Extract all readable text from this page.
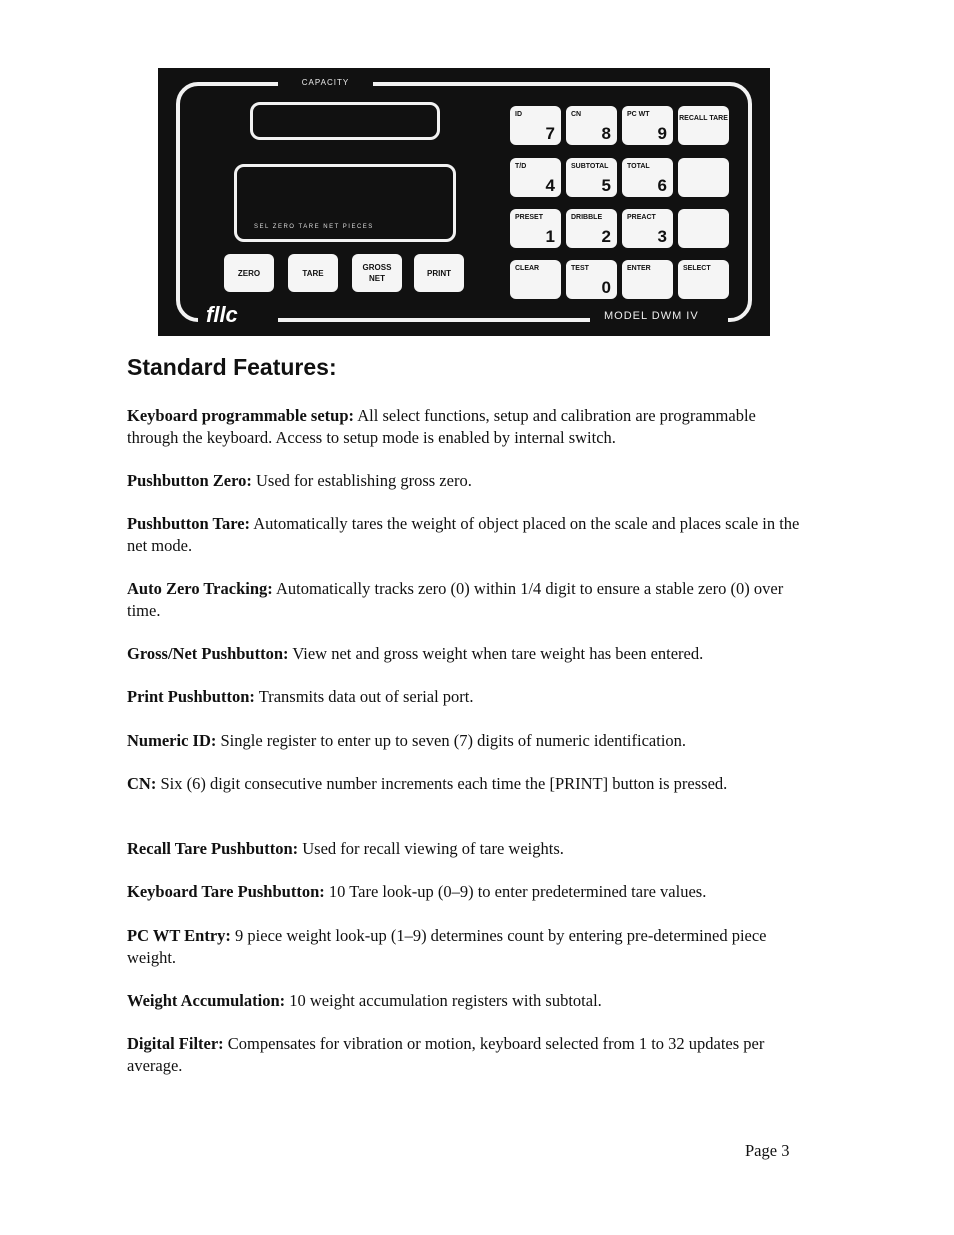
CAPACITY
SEL ZERO TARE NET PIECES
ZERO	TARE
GROSS NET
PRINT
ID
7
CN
8
PC WT
9
RECALL TARE
T/D
4
SUBTOTAL
5
TOTAL
6
PRESET
1
DRIBBLE
2
PREACT
3
CLEAR	TEST
0
ENTER	SELECT
fllc	MODEL DWM IV
Standard Features:

Keyboard programmable setup: All select functions, setup and calibration are programmable through the keyboard. Access to setup mode is enabled by internal switch.

Pushbutton Zero: Used for establishing gross zero.

Pushbutton Tare: Automatically tares the weight of object placed on the scale and places scale in the net mode.

Auto Zero Tracking: Automatically tracks zero (0) within 1/4 digit to ensure a stable zero (0) over time.

Gross/Net Pushbutton: View net and gross weight when tare weight has been entered.

Print Pushbutton: Transmits data out of serial port.

Numeric ID: Single register to enter up to seven (7) digits of numeric identification.

CN: Six (6) digit consecutive number increments each time the [PRINT] button is pressed.

Recall Tare Pushbutton: Used for recall viewing of tare weights.

Keyboard Tare Pushbutton: 10 Tare look-up (0–9) to enter predetermined tare values.

PC WT Entry: 9 piece weight look-up (1–9) determines count by entering pre-determined piece weight.

Weight Accumulation: 10 weight accumulation registers with subtotal.

Digital Filter: Compensates for vibration or motion, keyboard selected from 1 to 32 updates per average.

Page 3
